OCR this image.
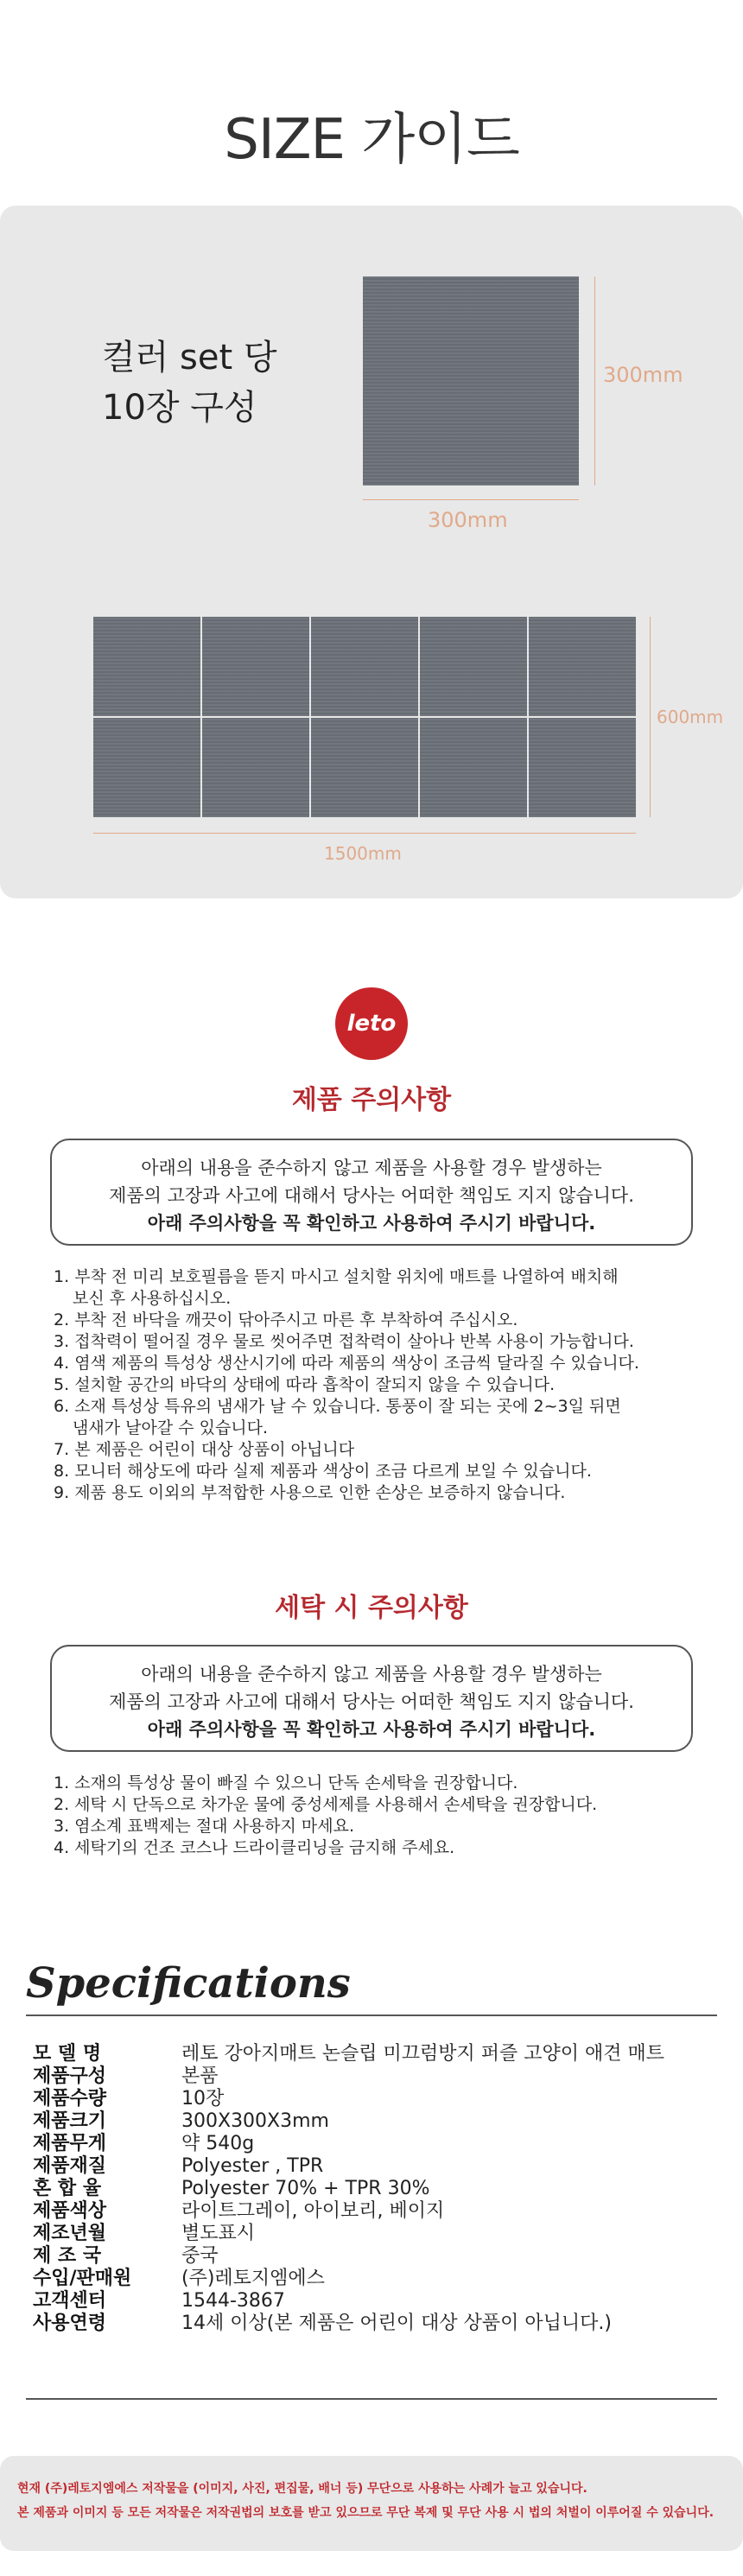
SIZE 가이드
컬러 set 당
10장 구성
300mm
300mm
600mm
1500mm
leto
제품 주의사항
아래의 내용을 준수하지 않고 제품을 사용할 경우 발생하는
제품의 고장과 사고에 대해서 당사는 어떠한 책임도 지지 않습니다.
아래 주의사항을 꼭 확인하고 사용하여 주시기 바랍니다.
1. 부착 전 미리 보호필름을 뜯지 마시고 설치할 위치에 매트를 나열하여 배치해
보신 후 사용하십시오.
2. 부착 전 바닥을 깨끗이 닦아주시고 마른 후 부착하여 주십시오.
3. 접착력이 떨어질 경우 물로 씻어주면 접착력이 살아나 반복 사용이 가능합니다.
4. 염색 제품의 특성상 생산시기에 따라 제품의 색상이 조금씩 달라질 수 있습니다.
5. 설치할 공간의 바닥의 상태에 따라 흡착이 잘되지 않을 수 있습니다.
6. 소재 특성상 특유의 냄새가 날 수 있습니다. 통풍이 잘 되는 곳에 2~3일 뒤면
냄새가 날아갈 수 있습니다.
7. 본 제품은 어린이 대상 상품이 아닙니다
8. 모니터 해상도에 따라 실제 제품과 색상이 조금 다르게 보일 수 있습니다.
9. 제품 용도 이외의 부적합한 사용으로 인한 손상은 보증하지 않습니다.
세탁 시 주의사항
아래의 내용을 준수하지 않고 제품을 사용할 경우 발생하는
제품의 고장과 사고에 대해서 당사는 어떠한 책임도 지지 않습니다.
아래 주의사항을 꼭 확인하고 사용하여 주시기 바랍니다.
1. 소재의 특성상 물이 빠질 수 있으니 단독 손세탁을 권장합니다.
2. 세탁 시 단독으로 차가운 물에 중성세제를 사용해서 손세탁을 권장합니다.
3. 염소계 표백제는 절대 사용하지 마세요.
4. 세탁기의 건조 코스나 드라이클리닝을 금지해 주세요.
Specifications
모 델 명	레토 강아지매트 논슬립 미끄럼방지 퍼즐 고양이 애견 매트
제품구성	본품
제품수량	10장
제품크기	300X300X3mm
제품무게	약 540g
제품재질	Polyester , TPR
혼 합 율	Polyester 70% + TPR 30%
제품색상	라이트그레이, 아이보리, 베이지
제조년월	별도표시
제 조 국	중국
수입/판매원	(주)레토지엠에스
고객센터	1544-3867
사용연령	14세 이상(본 제품은 어린이 대상 상품이 아닙니다.)

현재 (주)레토지엠에스 저작물을 (이미지, 사진, 편집물, 배너 등) 무단으로 사용하는 사례가 늘고 있습니다.

본 제품과 이미지 등 모든 저작물은 저작권법의 보호를 받고 있으므로 무단 복제 및 무단 사용 시 법의 처벌이 이루어질 수 있습니다.
